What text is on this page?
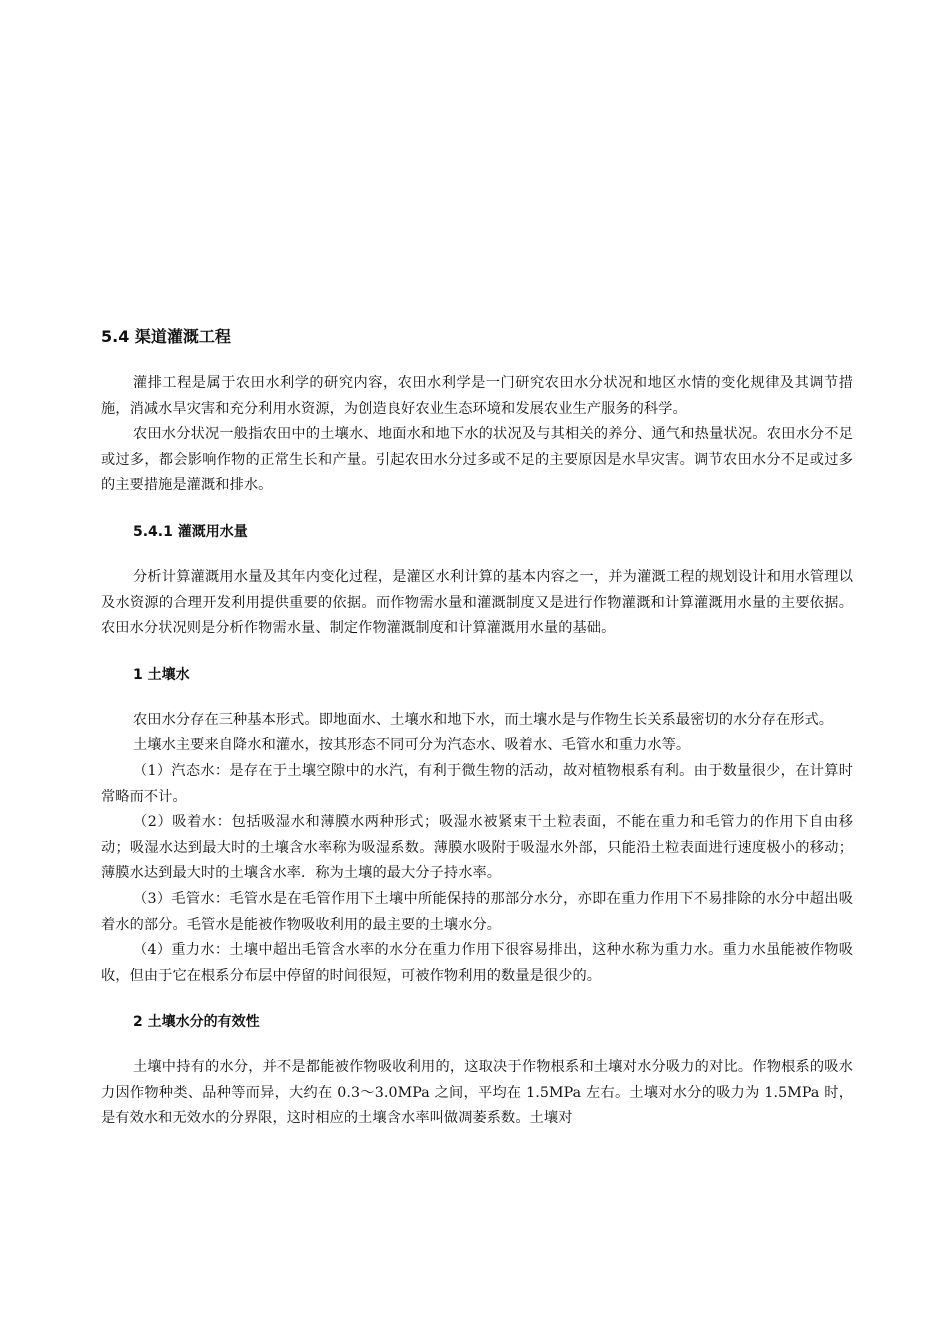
5.4 渠道灌溉工程

灌排工程是属于农田水利学的研究内容，农田水利学是一门研究农田水分状况和地区水情的变化规律及其调节措施，消减水旱灾害和充分利用水资源，为创造良好农业生态环境和发展农业生产服务的科学。

农田水分状况一般指农田中的土壤水、地面水和地下水的状况及与其相关的养分、通气和热量状况。农田水分不足或过多，都会影响作物的正常生长和产量。引起农田水分过多或不足的主要原因是水旱灾害。调节农田水分不足或过多的主要措施是灌溉和排水。

5.4.1 灌溉用水量

分析计算灌溉用水量及其年内变化过程，是灌区水利计算的基本内容之一，并为灌溉工程的规划设计和用水管理以及水资源的合理开发利用提供重要的依据。而作物需水量和灌溉制度又是进行作物灌溉和计算灌溉用水量的主要依据。农田水分状况则是分析作物需水量、制定作物灌溉制度和计算灌溉用水量的基础。

1 土壤水

农田水分存在三种基本形式。即地面水、土壤水和地下水，而土壤水是与作物生长关系最密切的水分存在形式。

土壤水主要来自降水和灌水，按其形态不同可分为汽态水、吸着水、毛管水和重力水等。

（1）汽态水：是存在于土壤空隙中的水汽，有利于微生物的活动，故对植物根系有利。由于数量很少，在计算时常略而不计。

（2）吸着水：包括吸湿水和薄膜水两种形式；吸湿水被紧束干土粒表面，不能在重力和毛管力的作用下自由移动；吸湿水达到最大时的土壤含水率称为吸湿系数。薄膜水吸附于吸湿水外部，只能沿土粒表面进行速度极小的移动；薄膜水达到最大时的土壤含水率．称为土壤的最大分子持水率。

（3）毛管水：毛管水是在毛管作用下土壤中所能保持的那部分水分，亦即在重力作用下不易排除的水分中超出吸着水的部分。毛管水是能被作物吸收利用的最主要的土壤水分。

（4）重力水：土壤中超出毛管含水率的水分在重力作用下很容易排出，这种水称为重力水。重力水虽能被作物吸收，但由于它在根系分布层中停留的时间很短，可被作物利用的数量是很少的。

2 土壤水分的有效性

土壤中持有的水分，并不是都能被作物吸收利用的，这取决于作物根系和土壤对水分吸力的对比。作物根系的吸水力因作物种类、品种等而异，大约在 0.3～3.0MPa 之间，平均在 1.5MPa 左右。土壤对水分的吸力为 1.5MPa 时，是有效水和无效水的分界限，这时相应的土壤含水率叫做凋萎系数。土壤对
